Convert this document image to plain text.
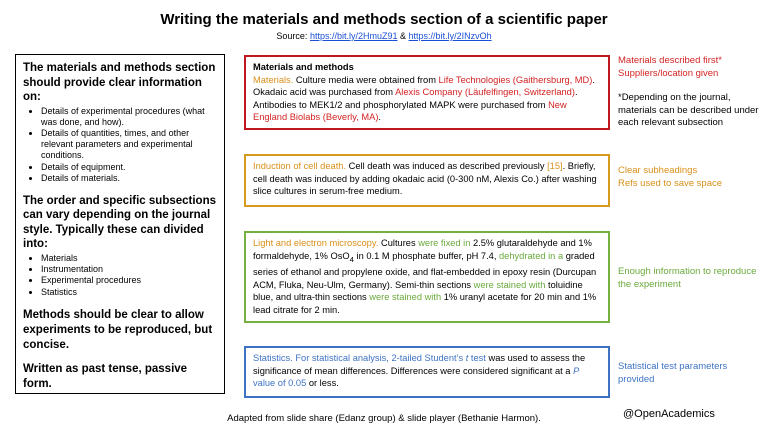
Writing the materials and methods section of a scientific paper
Source: https://bit.ly/2HmuZ91 & https://bit.ly/2INzvOh

The materials and methods section should provide clear information on:

• Details of experimental procedures (what was done, and how).
• Details of quantities, times, and other relevant parameters and experimental conditions.
• Details of equipment.
• Details of materials.

The order and specific subsections can vary depending on the journal style. Typically these can divided into:

• Materials
• Instrumentation
• Experimental procedures
• Statistics

Methods should be clear to allow experiments to be reproduced, but concise.

Written as past tense, passive form.

Materials and methods

Materials. Culture media were obtained from Life Technologies (Gaithersburg, MD). Okadaic acid was purchased from Alexis Company (Läufelfingen, Switzerland). Antibodies to MEK1/2 and phosphorylated MAPK were purchased from New England Biolabs (Beverly, MA).

Induction of cell death. Cell death was induced as described previously [15]. Briefly, cell death was induced by adding okadaic acid (0-300 nM, Alexis Co.) after washing slice cultures in serum-free medium.

Light and electron microscopy. Cultures were fixed in 2.5% glutaraldehyde and 1% formaldehyde, 1% OsO$_4$ in 0.1 M phosphate buffer, pH 7.4, dehydrated in a graded series of ethanol and propylene oxide, and flat-embedded in epoxy resin (Durcupan ACM, Fluka, Neu-Ulm, Germany). Semi-thin sections were stained with toluidine blue, and ultra-thin sections were stained with 1% uranyl acetate for 20 min and 1% lead citrate for 2 min.

Statistics. For statistical analysis, 2-tailed Student’s t test was used to assess the significance of mean differences. Differences were considered significant at a P value of 0.05 or less.

Materials described first*

Suppliers/location given

*Depending on the journal, materials can be described under each relevant subsection

Clear subheadings

Refs used to save space

Enough information to reproduce the experiment

Statistical test parameters provided

Adapted from slide share (Edanz group) & slide player (Bethanie Harmon).	@OpenAcademics
